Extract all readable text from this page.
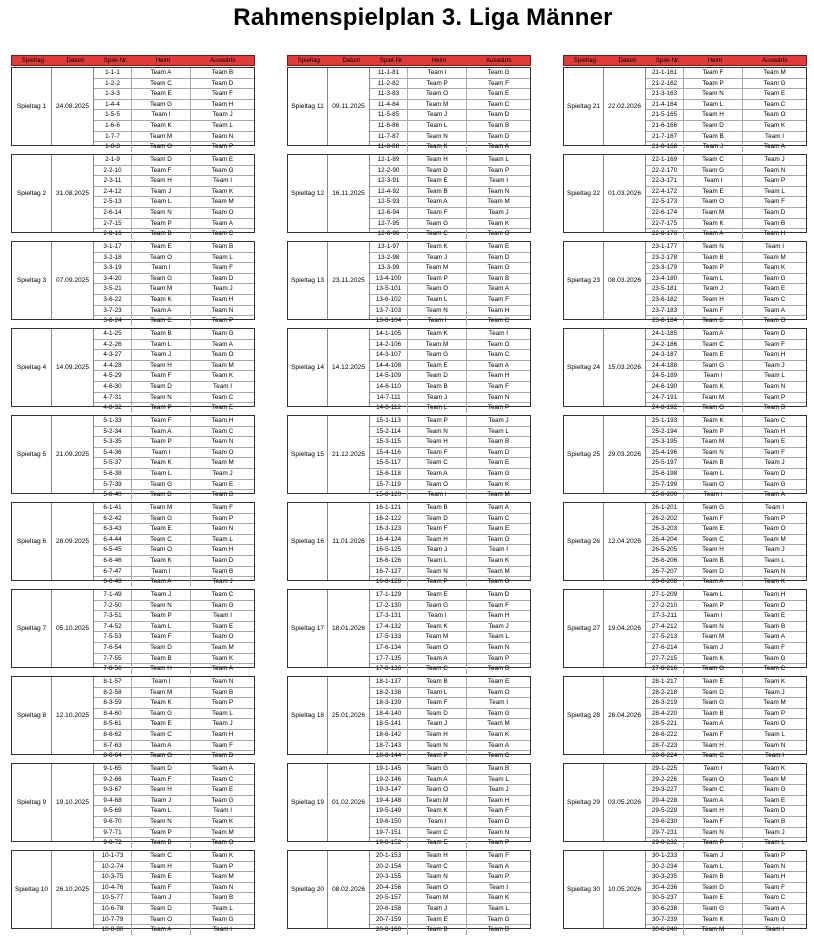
Rahmenspielplan 3. Liga Männer
Spieltag	Datum	Spiel-Nr.	Heim	Auswärts
Spieltag 1	24.08.2025
1-1-1	Team A	Team B
1-2-2	Team C	Team D
1-3-3	Team E	Team F
1-4-4	Team G	Team H
1-5-5	Team I	Team J
1-6-6	Team K	Team L
1-7-7	Team M	Team N
1-8-8	Team O	Team P
Spieltag 2	31.08.2025
2-1-9	Team D	Team E
2-2-10	Team F	Team G
2-3-11	Team H	Team I
2-4-12	Team J	Team K
2-5-13	Team L	Team M
2-6-14	Team N	Team O
2-7-15	Team P	Team A
2-8-16	Team B	Team C
Spieltag 3	07.09.2025
3-1-17	Team E	Team B
3-2-18	Team O	Team L
3-3-19	Team I	Team F
3-4-20	Team G	Team D
3-5-21	Team M	Team J
3-6-22	Team K	Team H
3-7-23	Team A	Team N
3-8-24	Team C	Team P
Spieltag 4	14.09.2025
4-1-25	Team B	Team G
4-2-26	Team L	Team A
4-3-27	Team J	Team O
4-4-28	Team H	Team M
4-5-29	Team F	Team K
4-6-30	Team D	Team I
4-7-31	Team N	Team C
4-8-32	Team P	Team E
Spieltag 5	21.09.2025
5-1-33	Team F	Team H
5-2-34	Team A	Team C
5-3-35	Team P	Team N
5-4-36	Team I	Team O
5-5-37	Team K	Team M
5-6-38	Team L	Team J
5-7-39	Team G	Team E
5-8-40	Team D	Team B
Spieltag 6	28.09.2025
6-1-41	Team M	Team F
6-2-42	Team G	Team P
6-3-43	Team E	Team N
6-4-44	Team C	Team L
6-5-45	Team O	Team H
6-6-46	Team K	Team D
6-7-47	Team I	Team B
6-8-48	Team A	Team J
Spieltag 7	05.10.2025
7-1-49	Team J	Team C
7-2-50	Team N	Team G
7-3-51	Team P	Team I
7-4-52	Team L	Team E
7-5-53	Team F	Team O
7-6-54	Team D	Team M
7-7-55	Team B	Team K
7-8-56	Team H	Team A
Spieltag 8	12.10.2025
8-1-57	Team I	Team N
8-2-58	Team M	Team B
8-3-59	Team K	Team P
8-4-60	Team G	Team L
8-5-61	Team E	Team J
8-6-62	Team C	Team H
8-7-63	Team A	Team F
8-8-64	Team O	Team D
Spieltag 9	19.10.2025
9-1-65	Team D	Team A
9-2-66	Team F	Team C
9-3-67	Team H	Team E
9-4-68	Team J	Team G
9-5-69	Team L	Team I
9-6-70	Team N	Team K
9-7-71	Team P	Team M
9-8-72	Team B	Team O
Spieltag 10	26.10.2025
10-1-73	Team C	Team K
10-2-74	Team H	Team P
10-3-75	Team E	Team M
10-4-76	Team F	Team N
10-5-77	Team J	Team B
10-6-78	Team D	Team L
10-7-79	Team O	Team G
10-8-80	Team A	Team I
Spieltag	Datum	Spiel-Nr.	Heim	Auswärts
Spieltag 11	09.11.2025
11-1-81	Team I	Team G
11-2-82	Team P	Team F
11-3-83	Team O	Team E
11-4-84	Team M	Team C
11-5-85	Team J	Team D
11-6-86	Team L	Team B
11-7-87	Team N	Team D
11-8-88	Team K	Team A
Spieltag 12	16.11.2025
12-1-89	Team H	Team L
12-2-90	Team D	Team P
12-3-91	Team E	Team I
12-4-92	Team B	Team N
12-5-93	Team A	Team M
12-6-94	Team F	Team J
12-7-95	Team G	Team K
12-8-96	Team C	Team O
Spieltag 13	23.11.2025
13-1-97	Team K	Team E
13-2-98	Team J	Team D
13-3-99	Team M	Team G
13-4-100	Team P	Team B
13-5-101	Team O	Team A
13-6-102	Team L	Team F
13-7-103	Team N	Team H
13-8-104	Team I	Team C
Spieltag 14	14.12.2025
14-1-105	Team K	Team I
14-2-106	Team M	Team O
14-3-107	Team G	Team C
14-4-108	Team E	Team A
14-5-109	Team D	Team H
14-6-110	Team B	Team F
14-7-111	Team J	Team N
14-8-112	Team L	Team P
Spieltag 15	21.12.2025
15-1-113	Team P	Team J
15-2-114	Team N	Team L
15-3-115	Team H	Team B
15-4-116	Team F	Team D
15-5-117	Team C	Team E
15-6-118	Team A	Team G
15-7-119	Team O	Team K
15-8-120	Team I	Team M
Spieltag 16	11.01.2026
16-1-121	Team B	Team A
16-2-122	Team D	Team C
16-3-123	Team F	Team E
16-4-124	Team H	Team G
16-5-125	Team J	Team I
16-6-126	Team L	Team K
16-7-127	Team N	Team M
16-8-128	Team P	Team O
Spieltag 17	18.01.2026
17-1-129	Team E	Team D
17-2-130	Team G	Team F
17-3-131	Team I	Team H
17-4-132	Team K	Team J
17-5-133	Team M	Team L
17-6-134	Team O	Team N
17-7-135	Team A	Team P
17-8-136	Team C	Team B
Spieltag 18	25.01.2026
18-1-137	Team B	Team E
18-2-138	Team L	Team O
18-3-139	Team F	Team I
18-4-140	Team D	Team G
18-5-141	Team J	Team M
18-6-142	Team H	Team K
18-7-143	Team N	Team A
18-8-144	Team P	Team C
Spieltag 19	01.02.2026
19-1-145	Team G	Team B
19-2-146	Team A	Team L
19-3-147	Team O	Team J
19-4-148	Team M	Team H
19-5-149	Team K	Team F
19-6-150	Team I	Team D
19-7-151	Team C	Team N
19-8-152	Team E	Team P
Spieltag 20	08.02.2026
20-1-153	Team H	Team F
20-2-154	Team C	Team A
20-3-155	Team N	Team P
20-4-156	Team O	Team I
20-5-157	Team M	Team K
20-6-158	Team J	Team L
20-7-159	Team E	Team G
20-8-160	Team B	Team D
Spieltag	Datum	Spiel-Nr.	Heim	Auswärts
Spieltag 21	22.02.2026
21-1-161	Team F	Team M
21-2-162	Team P	Team G
21-3-163	Team N	Team E
21-4-164	Team L	Team C
21-5-165	Team H	Team O
21-6-166	Team D	Team K
21-7-167	Team B	Team I
21-8-168	Team J	Team A
Spieltag 22	01.03.2026
22-1-169	Team C	Team J
22-2-170	Team G	Team N
22-3-171	Team I	Team P
22-4-172	Team E	Team L
22-5-173	Team O	Team F
22-6-174	Team M	Team D
22-7-175	Team K	Team B
22-8-176	Team A	Team H
Spieltag 23	08.03.2026
23-1-177	Team N	Team I
23-2-178	Team B	Team M
23-3-179	Team P	Team K
23-4-180	Team L	Team G
23-5-181	Team J	Team E
23-6-182	Team H	Team C
23-7-183	Team F	Team A
23-8-184	Team D	Team O
Spieltag 24	15.03.2026
24-1-185	Team A	Team D
24-2-186	Team C	Team F
24-3-187	Team E	Team H
24-4-188	Team G	Team J
24-5-189	Team I	Team L
24-6-190	Team K	Team N
24-7-191	Team M	Team P
24-8-192	Team O	Team B
Spieltag 25	29.03.2026
25-1-193	Team K	Team C
25-2-194	Team P	Team H
25-3-195	Team M	Team E
25-4-196	Team N	Team F
25-5-197	Team B	Team J
25-6-198	Team L	Team D
25-7-199	Team O	Team G
25-8-200	Team I	Team A
Spieltag 26	12.04.2026
26-1-201	Team G	Team I
26-2-202	Team F	Team P
26-3-203	Team E	Team O
26-4-204	Team C	Team M
26-5-205	Team H	Team J
26-6-206	Team B	Team L
26-7-207	Team D	Team N
26-8-208	Team A	Team K
Spieltag 27	19.04.2026
27-1-209	Team L	Team H
27-2-210	Team P	Team D
27-3-211	Team I	Team E
27-4-212	Team N	Team B
27-5-213	Team M	Team A
27-6-214	Team J	Team F
27-7-215	Team K	Team G
27-8-216	Team O	Team C
Spieltag 28	26.04.2026
28-1-217	Team E	Team K
28-2-218	Team D	Team J
28-3-219	Team G	Team M
28-4-220	Team B	Team P
28-5-221	Team A	Team O
28-6-222	Team F	Team L
28-7-223	Team H	Team N
28-8-224	Team C	Team I
Spieltag 29	03.05.2026
29-1-225	Team I	Team K
29-2-226	Team O	Team M
29-3-227	Team C	Team G
29-4-228	Team A	Team E
29-5-229	Team H	Team D
29-6-230	Team F	Team B
29-7-231	Team N	Team J
29-8-232	Team P	Team L
Spieltag 30	10.05.2026
30-1-233	Team J	Team P
30-2-234	Team L	Team N
30-3-235	Team B	Team H
30-4-236	Team D	Team F
30-5-237	Team E	Team C
30-6-238	Team G	Team A
30-7-239	Team K	Team O
30-8-240	Team M	Team I
